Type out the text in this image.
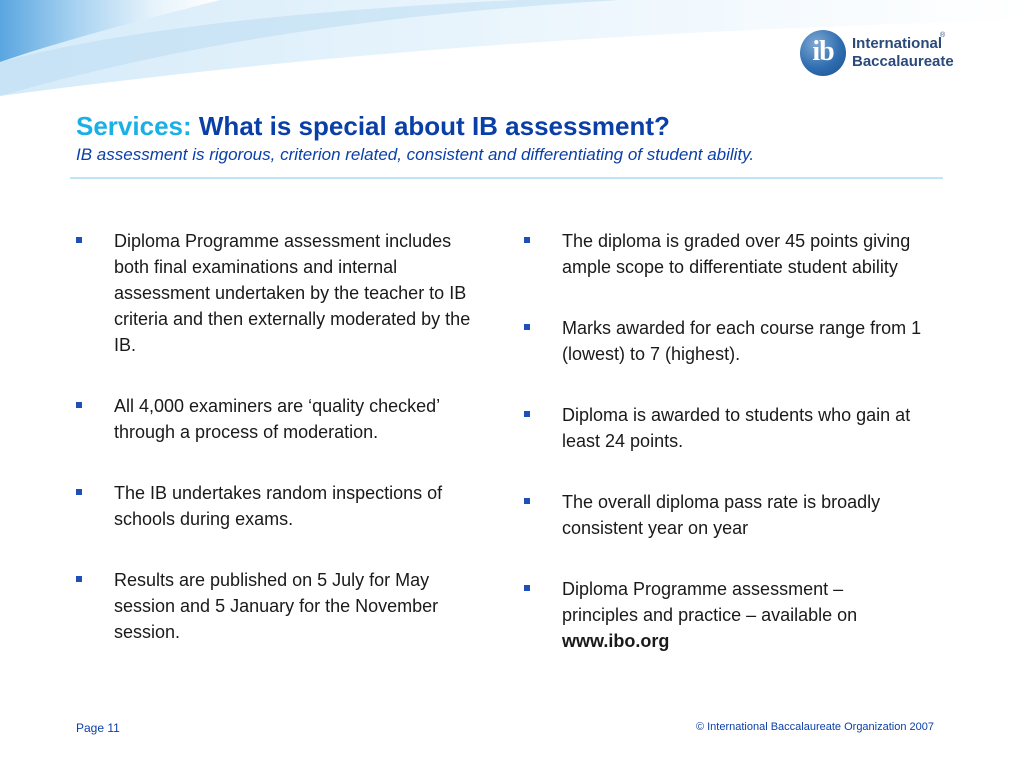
ib	International
Baccalaureate
®
Services: What is special about IB assessment?
IB assessment is rigorous, criterion related, consistent and differentiating of student ability.
Diploma Programme assessment includes both final examinations and internal assessment undertaken by the teacher to IB criteria and then externally moderated by the IB.
All 4,000 examiners are ‘quality checked’ through a process of moderation.
The IB undertakes random inspections of schools during exams.
Results are published on 5 July for May session and 5 January for the November session.
The diploma is graded over 45 points giving ample scope to differentiate student ability
Marks awarded for each course range from 1 (lowest) to 7 (highest).
Diploma is awarded to students who gain at least 24 points.
The overall diploma pass rate is broadly consistent year on year
Diploma Programme assessment – principles and practice – available on
www.ibo.org
Page 11	© International Baccalaureate Organization 2007
